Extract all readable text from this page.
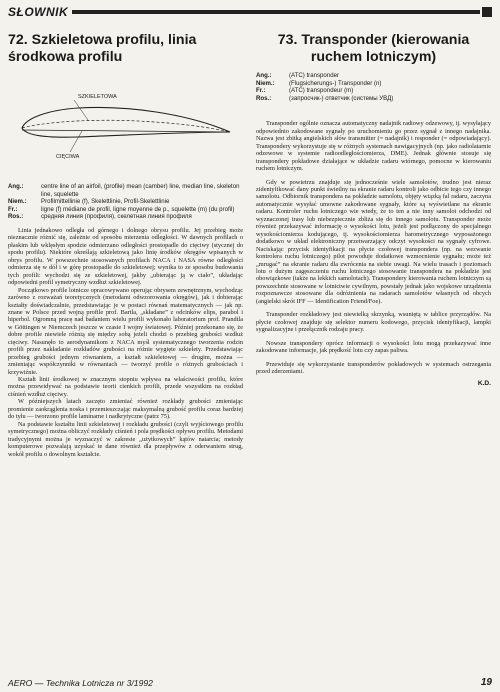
SŁOWNIK
72. Szkieletowa profilu, linia środkowa profilu
SZKIELETOWA
CIĘCIWA
Ang.:	centre line of an airfoil, (profile) mean (camber) line, median line, skeleton line, squelette
Niem.:	Profilmittellinie (f), Skelettlinie, Profil-Skelettlinie
Fr.:	ligne (f) médiane de profil, ligne moyenne de p., squelette (m) (du profil)
Ros.:	средняя линия (профиля), скелетная линия профиля

Linia jednakowo odległa od górnego i dolnego obrysu profilu. Jej przebieg może nieznacznie różnić się, zależnie od sposobu mierzenia odległości. W dawnych profilach o płaskim lub wklęsłym spodzie odmierzano odległości prostopadle do cięciwy (stycznej do spodu profilu). Niektóre określają szkieletową jako linię środków okręgów wpisanych w obrys profilu. W powszechnie stosowanych profilach NACA i NASA równe odległości odmierza się w dół i w górę prostopadle do szkieletowej; wynika to ze sposobu budowania tych profili: wychodzi się ze szkieletowej, jakby „ubierając ją w ciało”, układając odpowiedni profil symetryczny wzdłuż szkieletowej.

Początkowo profile lotnicze opracowywano operując obrysem zewnętrznym, wychodząc zarówno z rozważań teoretycznych (metodami odwzorowania okręgów), jak i dobierając kształty doświadczalnie, przedstawiając je w postaci równań matematycznych — jak np. znane w Polsce przed wojną profile prof. Bartla, „składane” z odcinków elips, parabol i hiperbol. Ogromną pracę nad badaniem wielu profili wykonało laboratorium prof. Prandtla w Göttingen w Niemczech jeszcze w czasie I wojny światowej. Później przekonano się, że dobre profile niewiele różnią się między sobą jeżeli chodzi o przebieg grubości wzdłuż cięciwy. Nasunęło to aerodynamikom z NACA myśl systematycznego tworzenia rodzin profili przez nakładanie rozkładów grubości na różnie wygięte szkielety. Przedstawiając przebieg grubości jednym równaniem, a kształt szkieletowej — drugim, można — zmieniając współczynniki w równaniach — tworzyć profile o różnych grubościach i krzywiźnie.

Kształt linii środkowej w znacznym stopniu wpływa na właściwości profilu, które można przewidywać na podstawie teorii cienkich profili, przede wszystkim na rozkład ciśnień wzdłuż cięciwy.

W późniejszych latach zaczęto zmieniać również rozkłady grubości zmieniając promienie zaokrąglenia noska i przemieszczając maksymalną grubość profilu coraz bardziej do tyłu — tworzono profile laminarne i nadkrytyczne (patrz 75).

Na podstawie kształtu linii szkieletowej i rozkładu grubości (czyli wyjściowego profilu symetrycznego) można obliczyć rozkłady ciśnień i pola prędkości opływu profilu. Metodami tradycyjnymi można je wyznaczyć w zakresie „użytkowych” kątów natarcia; metody komputerowe pozwalają uzyskać te dane również dla przepływów z oderwaniem strug, wokół profilu o dowolnym kształcie.

73. Transponder (kierowania ruchem lotniczym)
Ang.:	(ATC) transponder
Niem.:	(Flugsicherungs-) Transponder (n)
Fr.:	(ATC) transpondeur (m)
Ros.:	(запросчик-) ответчик (системы УВД)

Transponder ogólnie oznacza automatyczny nadajnik radiowy odzewowy, tj. wysyłający odpowiednio zakodowane sygnały po uruchomieniu go przez sygnał z innego nadajnika. Nazwa jest zbitką angielskich słów transmitter (= nadajnik) i responder (= odpowiadający). Transpondery wykorzystuje się w różnych systemach nawigacyjnych (np. jako radiolatarnie odzewowe w systemie radioodległościomierza, DME). Jednak głównie stosuje się transpondery pokładowe działające w układzie radaru wtórnego, pomocne w kierowaniu ruchem lotniczym.

Gdy w powietrzu znajduje się jednocześnie wiele samolotów, trudno jest nieraz zidentyfikować dany punkt świetlny na ekranie radaru kontroli jako odbicie tego czy innego samolotu. Odbiornik transpondera na pokładzie samolotu, objęty wiązką fal radaru, zaczyna automatycznie wysyłać umowne zakodowane sygnały, które są wyświetlane na ekranie radaru. Kontroler ruchu lotniczego wie wtedy, że to ten a nie inny samolot odchodzi od wyznaczonej trasy lub niebezpiecznie zbliża się do innego samolotu. Transponder może również przekazywać informację o wysokości lotu, jeżeli jest podłączony do specjalnego wysokościomierza kodującego, tj. wysokościomierza barometrycznego wyposażonego dodatkowo w układ elektroniczny przetwarzający odczyt wysokości na sygnały cyfrowe. Naciskając przycisk identyfikacji na płycie czołowej transpondera (np. na wezwanie kontrolera ruchu lotniczego) pilot powoduje dodatkowe wzmocnienie sygnału; może też „mrugać” na ekranie radaru dla zwrócenia na siebie uwagi. Na wielu trasach i poziomach lotu o dużym zagęszczeniu ruchu lotniczego stosowanie transpondera na pokładzie jest obowiązkowe (także na lekkich samolotach). Transpondery kierowania ruchem lotniczym są powszechnie stosowane w lotnictwie cywilnym, powstały jednak jako wojskowe urządzenia rozpoznawcze stosowane dla odróżnienia na radarach samolotów własnych od obcych (angielski skrót IFF — Identification Friend/Foe).

Transponder rozkładowy jest niewielką skrzynką, wsuniętą w tablice przyrządów. Na płycie czołowej znajduje się selektor numeru kodowego, przycisk identyfikacji, lampki sygnalizacyjne i przełącznik rodzaju pracy.

Nowsze transpondery oprócz informacji o wysokości lotu mogą przekazywać inne zakodowane informacje, jak prędkość lotu czy zapas paliwa.

Przewiduje się wykorzystanie transponderów pokładowych w systemach ostrzegania przed zderzeniami.

K.D.
AERO — Technika Lotnicza nr 3/1992	19
